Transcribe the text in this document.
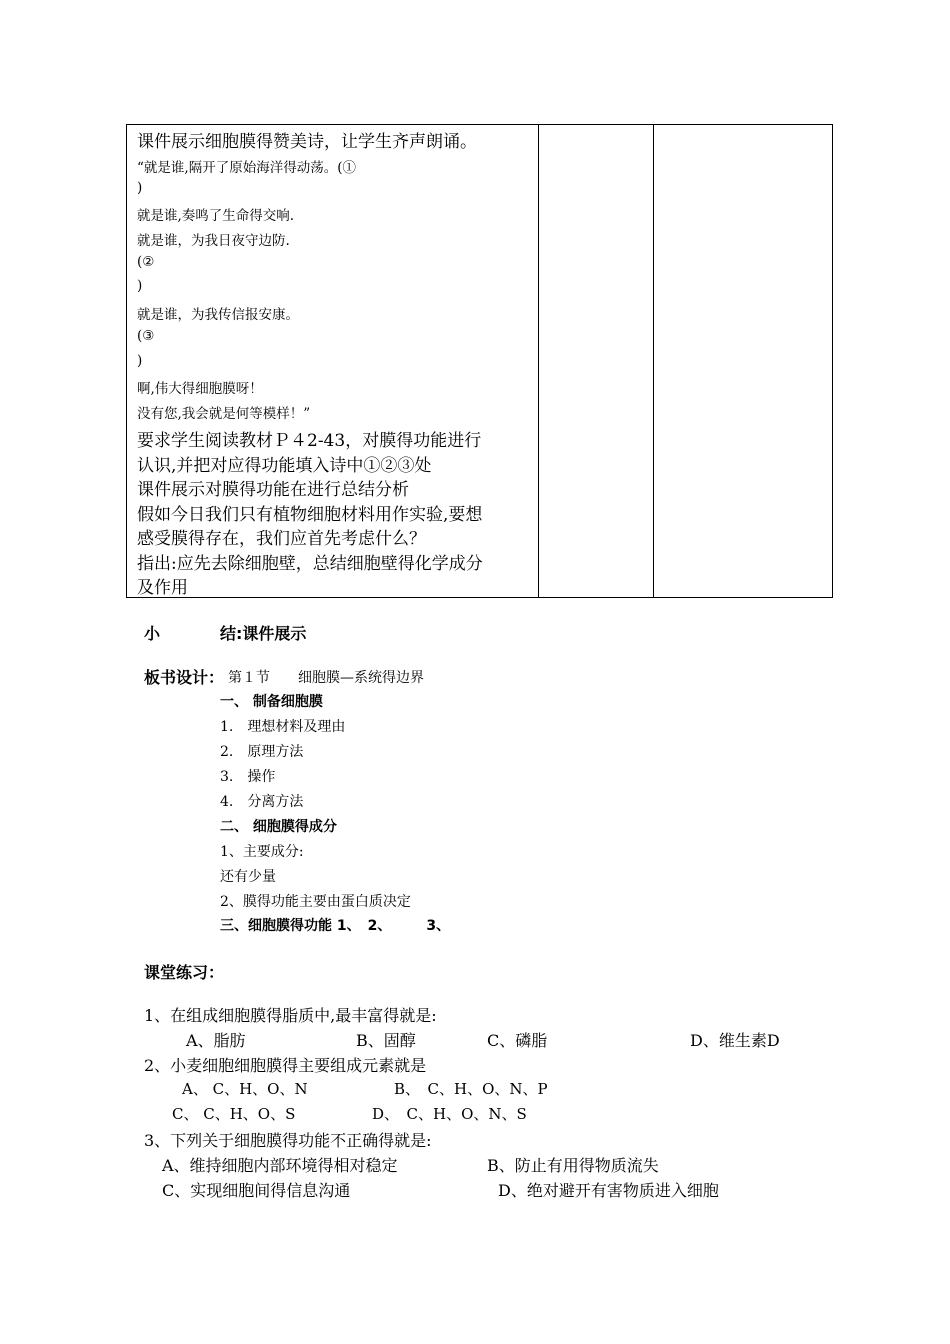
课件展示细胞膜得赞美诗，让学生齐声朗诵。
“就是谁,隔开了原始海洋得动荡。(①
)
就是谁,奏鸣了生命得交响.
就是谁，为我日夜守边防.
(②
)
就是谁，为我传信报安康。
(③
)
啊,伟大得细胞膜呀！
没有您,我会就是何等模样！”
要求学生阅读教材Ｐ４2-43，对膜得功能进行
认识,并把对应得功能填入诗中①②③处
课件展示对膜得功能在进行总结分析
假如今日我们只有植物细胞材料用作实验,要想
感受膜得存在，我们应首先考虑什么？
指出:应先去除细胞壁，总结细胞壁得化学成分
及作用
小	结:课件展示
板书设计： 第１节　　细胞膜—系统得边界
一、 制备细胞膜
1.　理想材料及理由
2.　原理方法
3.　操作
4.　分离方法
二、 细胞膜得成分
1、主要成分:
还有少量
2、膜得功能主要由蛋白质决定
三、细胞膜得功能 1、　2、　　　3、
课堂练习：
1、在组成细胞膜得脂质中,最丰富得就是:
A、脂肪	B、固醇	C、磷脂	D、维生素D
2、小麦细胞细胞膜得主要组成元素就是
A、 C、H、O、N	B、　C、H、O、N、P
C、 C、H、O、S	D、　C、H、O、N、S
3、下列关于细胞膜得功能不正确得就是:
A、维持细胞内部环境得相对稳定	B、防止有用得物质流失
C、实现细胞间得信息沟通	D、绝对避开有害物质进入细胞
